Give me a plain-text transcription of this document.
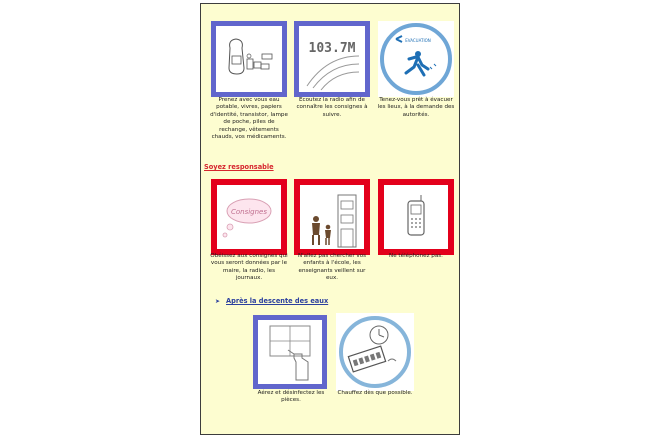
Prenez avec vous eau potable, vivres, papiers d'identité, transistor, lampe de poche, piles de rechange, vêtements chauds, vos médicaments.
103.7M
Ecoutez la radio afin de connaître les consignes à suivre.
EVACUATION
Tenez-vous prêt à évacuer les lieux, à la demande des autorités.
Soyez responsable
Consignes
Obéissez aux consignes qui vous seront données par le maire, la radio, les journaux.
N'allez pas chercher vos enfants à l'école, les enseignants veillent sur eux.
Ne téléphonez pas.
➤ Après la descente des eaux
Aérez et désinfectez les pièces.
Chauffez dès que possible.
